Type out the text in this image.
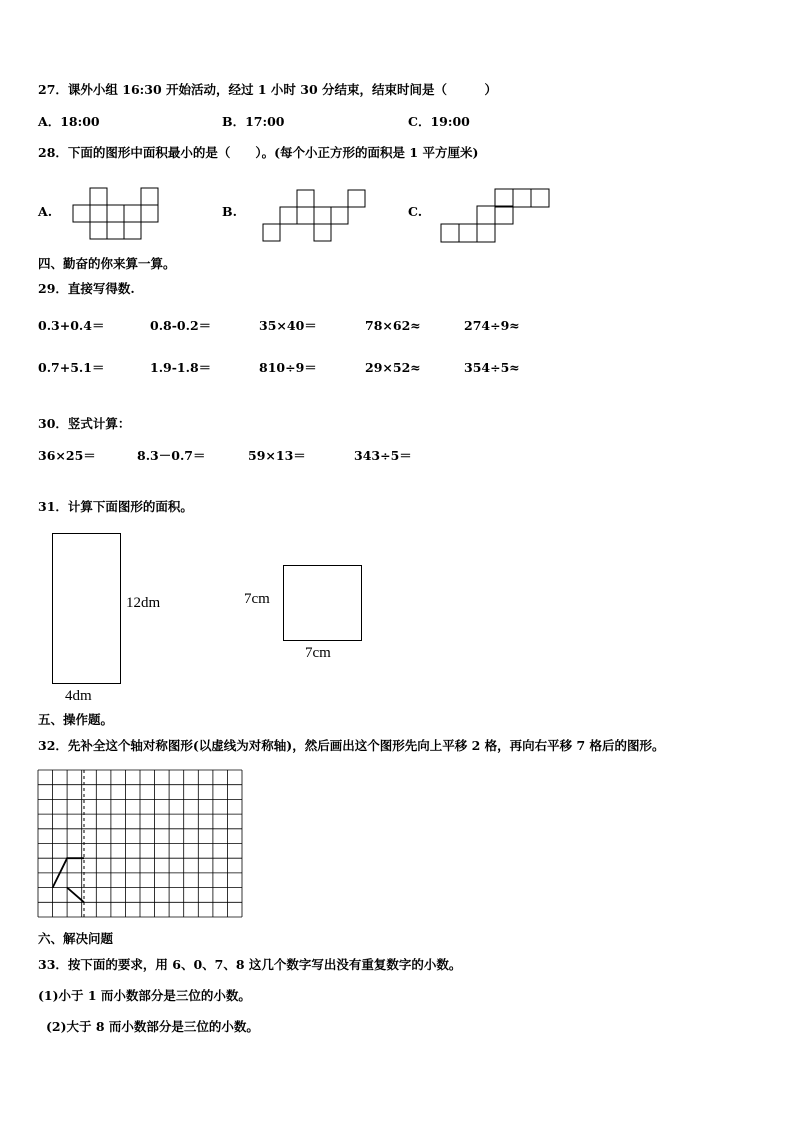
27．课外小组 16:30 开始活动，经过 1 小时 30 分结束，结束时间是（　　　）
A．18:00	B．17:00	C．19:00
28．下面的图形中面积最小的是（　　）。(每个小正方形的面积是 1 平方厘米)
A.	B.	C.
四、勤奋的你来算一算。
29．直接写得数.
0.3+0.4＝	0.8-0.2＝	35×40＝	78×62≈	274÷9≈
0.7+5.1＝	1.9-1.8＝	810÷9＝	29×52≈	354÷5≈
30．竖式计算：
36×25＝	8.3－0.7＝	59×13＝	343÷5＝
31．计算下面图形的面积。
12dm
4dm
7cm
7cm
五、操作题。
32．先补全这个轴对称图形(以虚线为对称轴)，然后画出这个图形先向上平移 2 格，再向右平移 7 格后的图形。
六、解决问题
33．按下面的要求，用 6、0、7、8 这几个数字写出没有重复数字的小数。
(1)小于 1 而小数部分是三位的小数。
(2)大于 8 而小数部分是三位的小数。
